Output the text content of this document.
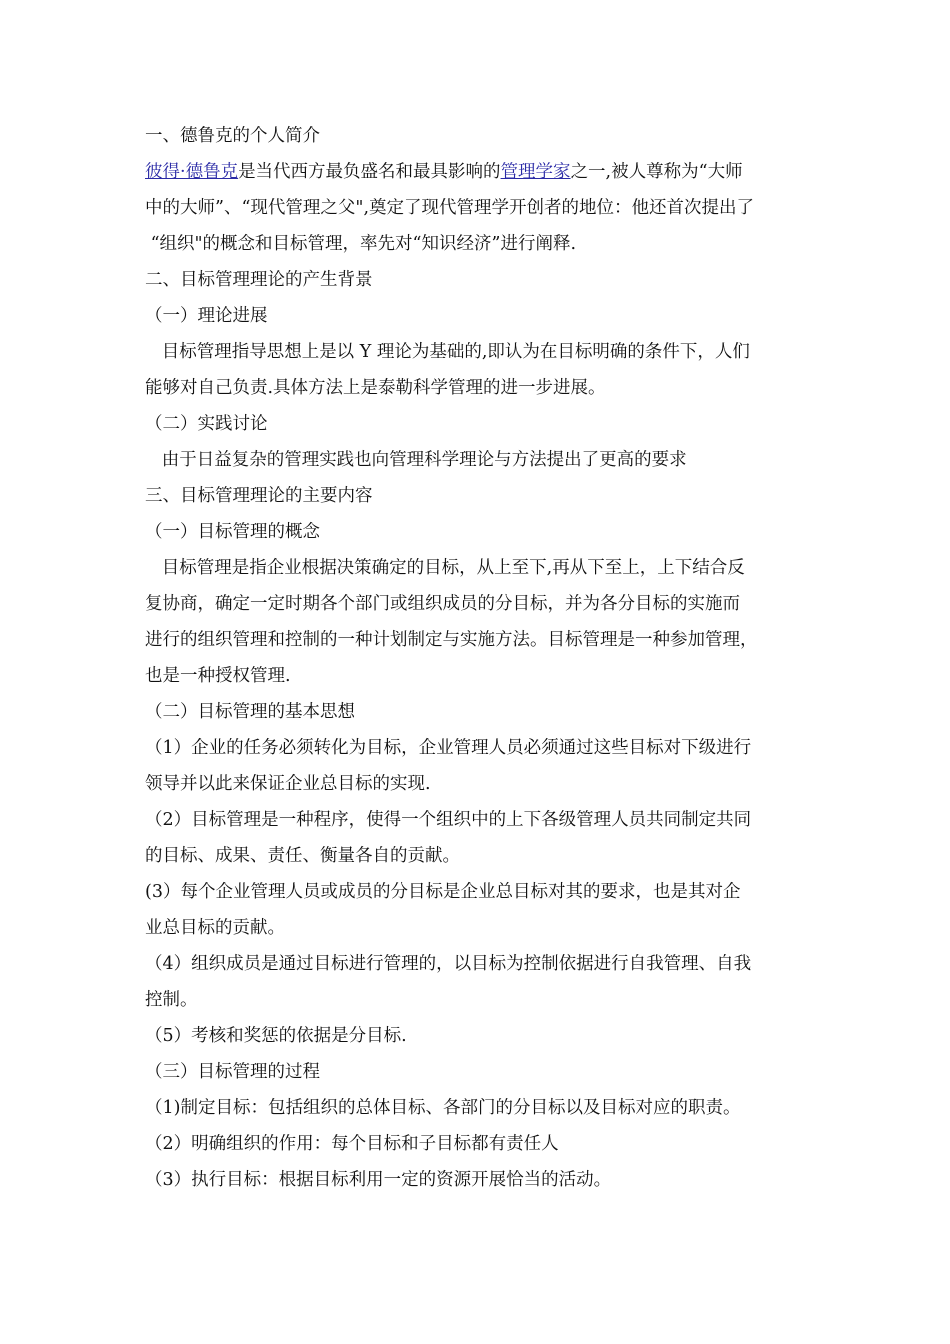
一、德鲁克的个人简介

彼得·德鲁克是当代西方最负盛名和最具影响的管理学家之一,被人尊称为“大师

中的大师”、“现代管理之父",奠定了现代管理学开创者的地位：他还首次提出了

“组织"的概念和目标管理，率先对“知识经济”进行阐释.

二、目标管理理论的产生背景

（一）理论进展

目标管理指导思想上是以 Y 理论为基础的,即认为在目标明确的条件下，人们

能够对自己负责.具体方法上是泰勒科学管理的进一步进展。

（二）实践讨论

由于日益复杂的管理实践也向管理科学理论与方法提出了更高的要求

三、目标管理理论的主要内容

（一）目标管理的概念

目标管理是指企业根据决策确定的目标，从上至下,再从下至上，上下结合反

复协商，确定一定时期各个部门或组织成员的分目标，并为各分目标的实施而

进行的组织管理和控制的一种计划制定与实施方法。目标管理是一种参加管理，

也是一种授权管理.

（二）目标管理的基本思想

（1）企业的任务必须转化为目标，企业管理人员必须通过这些目标对下级进行

领导并以此来保证企业总目标的实现.

（2）目标管理是一种程序，使得一个组织中的上下各级管理人员共同制定共同

的目标、成果、责任、衡量各自的贡献。

(3）每个企业管理人员或成员的分目标是企业总目标对其的要求，也是其对企

业总目标的贡献。

（4）组织成员是通过目标进行管理的，以目标为控制依据进行自我管理、自我

控制。

（5）考核和奖惩的依据是分目标.

（三）目标管理的过程

（1)制定目标：包括组织的总体目标、各部门的分目标以及目标对应的职责。

（2）明确组织的作用：每个目标和子目标都有责任人

（3）执行目标：根据目标利用一定的资源开展恰当的活动。
